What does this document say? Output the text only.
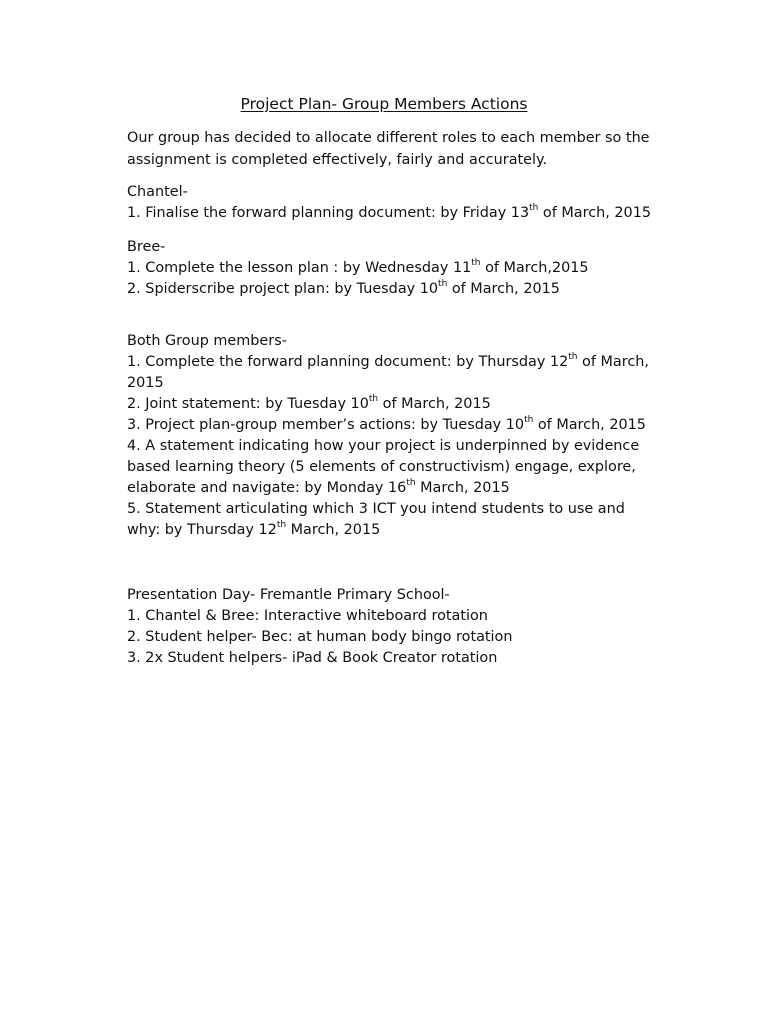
Project Plan- Group Members Actions
Our group has decided to allocate different roles to each member so the
assignment is completed effectively, fairly and accurately.
Chantel-
1. Finalise the forward planning document: by Friday 13th of March, 2015
Bree-
1. Complete the lesson plan : by Wednesday 11th of March,2015
2. Spiderscribe project plan: by Tuesday 10th of March, 2015
Both Group members-
1. Complete the forward planning document: by Thursday 12th of March,
2015
2. Joint statement: by Tuesday 10th of March, 2015
3. Project plan-group member’s actions: by Tuesday 10th of March, 2015
4. A statement indicating how your project is underpinned by evidence
based learning theory (5 elements of constructivism) engage, explore,
elaborate and navigate: by Monday 16th March, 2015
5. Statement articulating which 3 ICT you intend students to use and
why: by Thursday 12th March, 2015
Presentation Day- Fremantle Primary School-
1. Chantel & Bree: Interactive whiteboard rotation
2. Student helper- Bec: at human body bingo rotation
3. 2x Student helpers- iPad & Book Creator rotation
